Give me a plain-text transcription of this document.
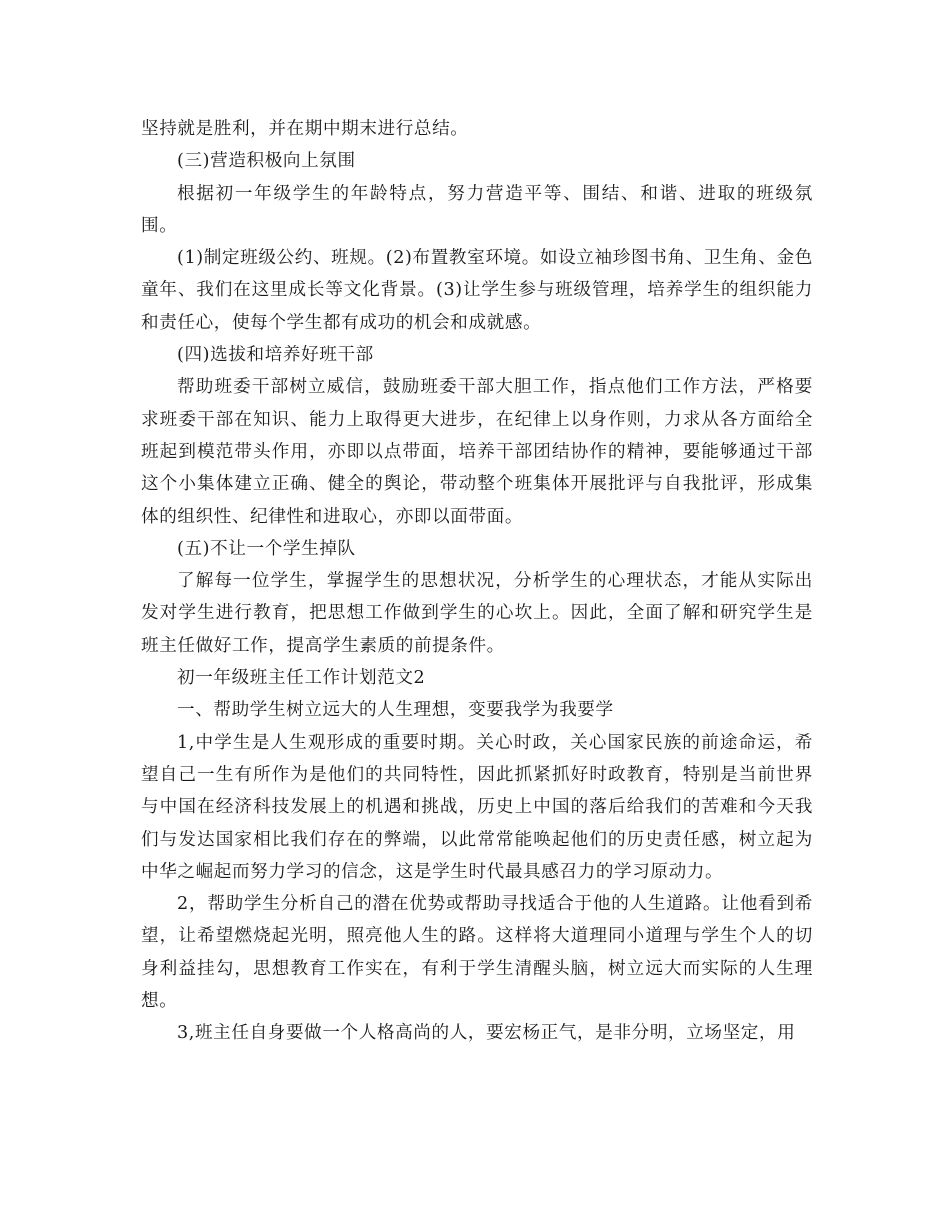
坚持就是胜利，并在期中期末进行总结。

(三)营造积极向上氛围

根据初一年级学生的年龄特点，努力营造平等、围结、和谐、进取的班级氛围。

(1)制定班级公约、班规。(2)布置教室环境。如设立袖珍图书角、卫生角、金色童年、我们在这里成长等文化背景。(3)让学生参与班级管理，培养学生的组织能力和责任心，使每个学生都有成功的机会和成就感。

(四)选拔和培养好班干部

帮助班委干部树立威信，鼓励班委干部大胆工作，指点他们工作方法，严格要求班委干部在知识、能力上取得更大进步，在纪律上以身作则，力求从各方面给全班起到模范带头作用，亦即以点带面，培养干部团结协作的精神，要能够通过干部这个小集体建立正确、健全的舆论，带动整个班集体开展批评与自我批评，形成集体的组织性、纪律性和进取心，亦即以面带面。

(五)不让一个学生掉队

了解每一位学生，掌握学生的思想状况，分析学生的心理状态，才能从实际出发对学生进行教育，把思想工作做到学生的心坎上。因此，全面了解和研究学生是班主任做好工作，提高学生素质的前提条件。

初一年级班主任工作计划范文2

一、帮助学生树立远大的人生理想，变要我学为我要学

1,中学生是人生观形成的重要时期。关心时政，关心国家民族的前途命运，希望自己一生有所作为是他们的共同特性，因此抓紧抓好时政教育，特别是当前世界与中国在经济科技发展上的机遇和挑战，历史上中国的落后给我们的苦难和今天我们与发达国家相比我们存在的弊端，以此常常能唤起他们的历史责任感，树立起为中华之崛起而努力学习的信念，这是学生时代最具感召力的学习原动力。

2，帮助学生分析自己的潜在优势或帮助寻找适合于他的人生道路。让他看到希望，让希望燃烧起光明，照亮他人生的路。这样将大道理同小道理与学生个人的切身利益挂勾，思想教育工作实在，有利于学生清醒头脑，树立远大而实际的人生理想。

3,班主任自身要做一个人格高尚的人，要宏杨正气，是非分明，立场坚定，用
